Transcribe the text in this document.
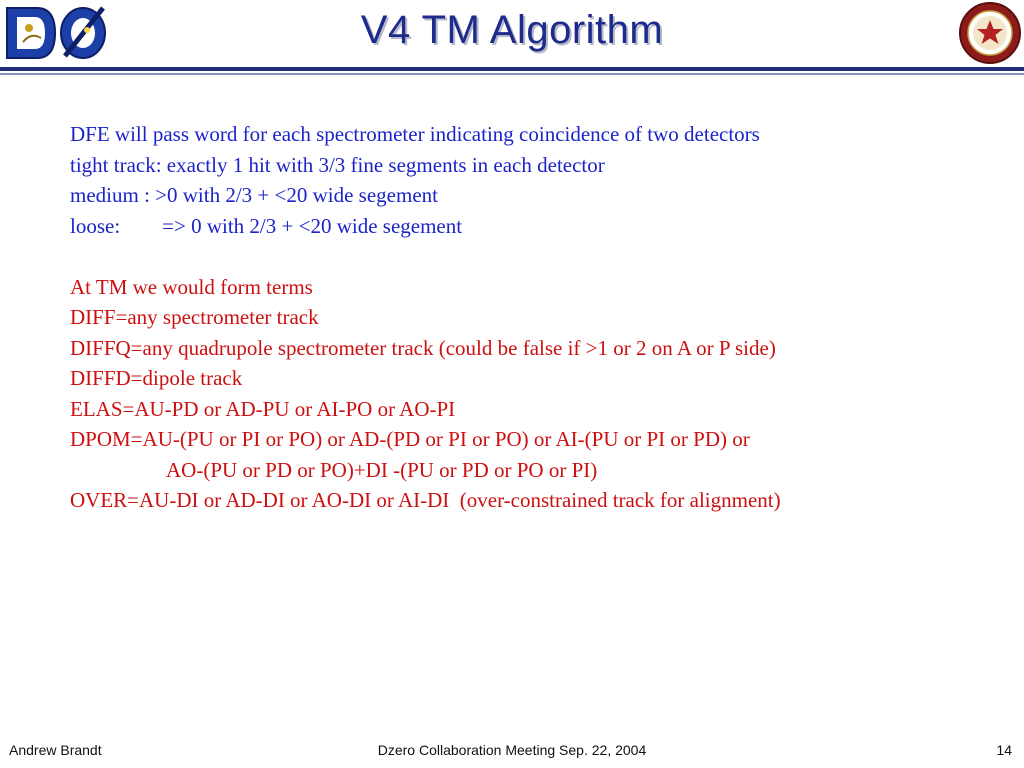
V4 TM Algorithm
DFE will pass word for each spectrometer indicating coincidence of two detectors
tight track: exactly 1 hit with 3/3 fine segments in each detector
medium : >0 with 2/3 + <20 wide segement
loose:        => 0 with 2/3 + <20 wide segement
At TM we would form terms
DIFF=any spectrometer track
DIFFQ=any quadrupole spectrometer track (could be false if >1 or 2 on A or P side)
DIFFD=dipole track
ELAS=AU-PD or AD-PU or AI-PO or AO-PI
DPOM=AU-(PU or PI or PO) or AD-(PD or PI or PO) or AI-(PU or PI or PD) or
AO-(PU or PD or PO)+DI -(PU or PD or PO or PI)
OVER=AU-DI or AD-DI or AO-DI or AI-DI  (over-constrained track for alignment)
Andrew Brandt	Dzero Collaboration Meeting Sep. 22, 2004	14
